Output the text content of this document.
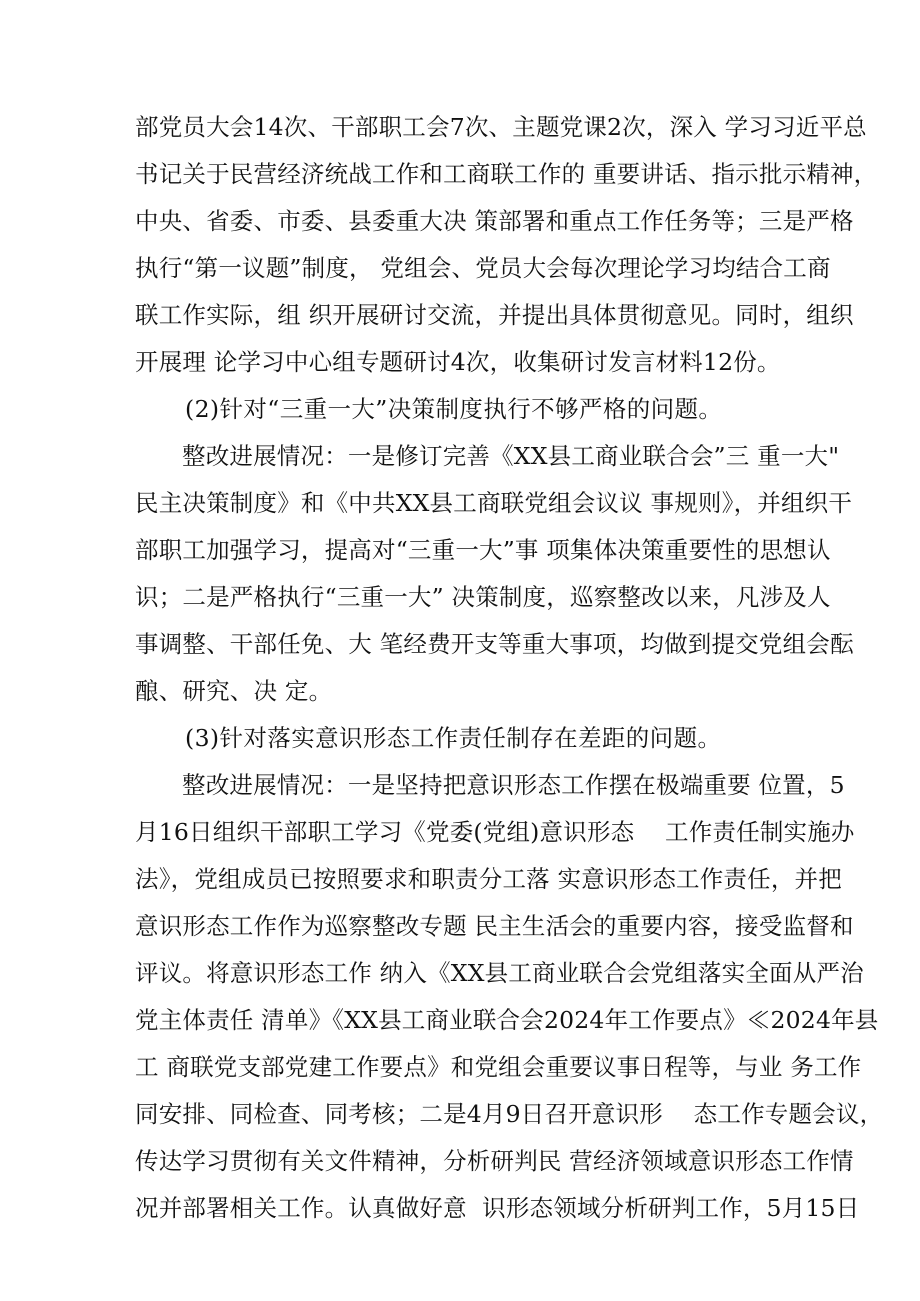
部党员大会14次、干部职工会7次、主题党课2次，深入 学习习近平总
书记关于民营经济统战工作和工商联工作的 重要讲话、指示批示精神，
中央、省委、市委、县委重大决 策部署和重点工作任务等；三是严格
执行“第一议题”制度， 党组会、党员大会每次理论学习均结合工商
联工作实际，组 织开展研讨交流，并提出具体贯彻意见。同时，组织
开展理 论学习中心组专题研讨4次，收集研讨发言材料12份。
(2)针对“三重一大”决策制度执行不够严格的问题。
整改进展情况：一是修订完善《XX县工商业联合会”三 重一大"
民主决策制度》和《中共XX县工商联党组会议议 事规则》，并组织干
部职工加强学习，提高对“三重一大”事 项集体决策重要性的思想认
识；二是严格执行“三重一大” 决策制度，巡察整改以来，凡涉及人
事调整、干部任免、大 笔经费开支等重大事项，均做到提交党组会酝
酿、研究、决 定。
(3)针对落实意识形态工作责任制存在差距的问题。
整改进展情况：一是坚持把意识形态工作摆在极端重要 位置，5
月16日组织干部职工学习《党委(党组)意识形态    工作责任制实施办
法》，党组成员已按照要求和职责分工落 实意识形态工作责任，并把
意识形态工作作为巡察整改专题 民主生活会的重要内容，接受监督和
评议。将意识形态工作 纳入《XX县工商业联合会党组落实全面从严治
党主体责任 清单》《XX县工商业联合会2024年工作要点》≪2024年县
工 商联党支部党建工作要点》和党组会重要议事日程等，与业 务工作
同安排、同检查、同考核；二是4月9日召开意识形    态工作专题会议，
传达学习贯彻有关文件精神，分析研判民 营经济领域意识形态工作情
况并部署相关工作。认真做好意  识形态领域分析研判工作，5月15日
